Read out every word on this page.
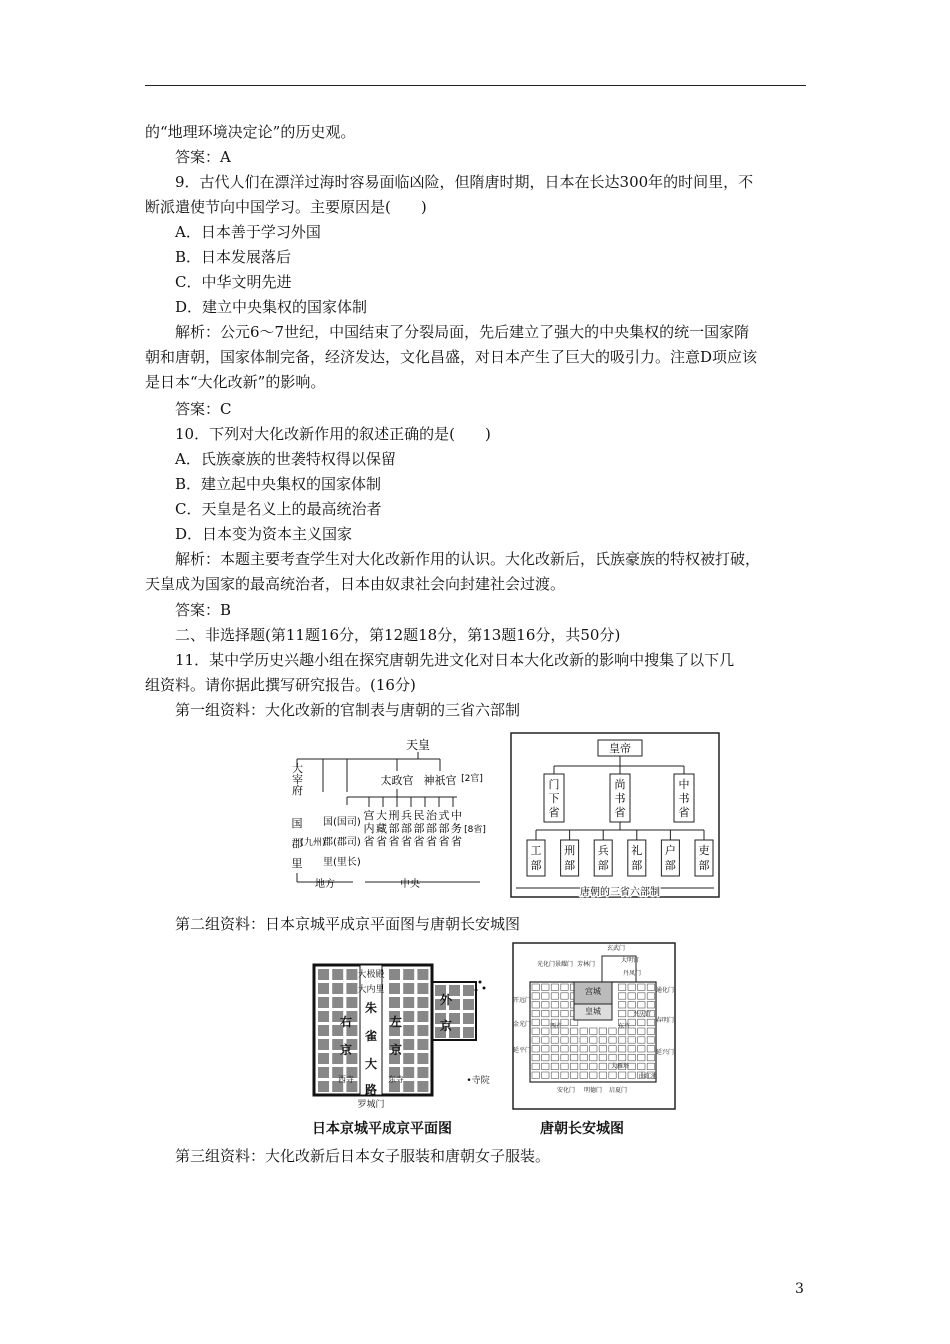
的“地理环境决定论”的历史观。
答案：A
9．古代人们在漂洋过海时容易面临凶险，但隋唐时期，日本在长达300年的时间里，不
断派遣使节向中国学习。主要原因是(　　)
A．日本善于学习外国
B．日本发展落后
C．中华文明先进
D．建立中央集权的国家体制
解析：公元6～7世纪，中国结束了分裂局面，先后建立了强大的中央集权的统一国家隋
朝和唐朝，国家体制完备，经济发达，文化昌盛，对日本产生了巨大的吸引力。注意D项应该
是日本“大化改新”的影响。
答案：C
10．下列对大化改新作用的叙述正确的是(　　)
A．氏族豪族的世袭特权得以保留
B．建立起中央集权的国家体制
C．天皇是名义上的最高统治者
D．日本变为资本主义国家
解析：本题主要考查学生对大化改新作用的认识。大化改新后，氏族豪族的特权被打破，
天皇成为国家的最高统治者，日本由奴隶社会向封建社会过渡。
答案：B
二、非选择题(第11题16分，第12题18分，第13题16分，共50分)
11．某中学历史兴趣小组在探究唐朝先进文化对日本大化改新的影响中搜集了以下几
组资料。请你据此撰写研究报告。(16分)
第一组资料：大化改新的官制表与唐朝的三省六部制
天皇
大宰府
国
郡
里
(九州)
国(国司)
郡(郡司)
里(里长)
太政官 神祇官 [2官]
宫
内
省
大
藏
省
刑
部
省
兵
部
省
民
部
省
治
部
省
式
部
省
中
务
省
[8省]
地方	中央
皇帝
门
下
省
尚
书
省
中
书
省
工
部
刑
部
兵
部
礼
部
户
部
吏
部
唐朝的三省六部制
第二组资料：日本京城平成京平面图与唐朝长安城图
大极殿
大内里
朱
雀
右	左
京	京
大
路
外
京
西寺	东寺
罗城门
•寺院
日本京城平成京平面图
玄武门
大明宫
丹凤门
光化门 景耀门 芳林门
开远门
金光门
延平门
宫城
皇城
通化门
春明门
延兴门
东市
西市
兴庆宫
安化门 明德门 启夏门
大雁塔
曲江池
唐朝长安城图
第三组资料：大化改新后日本女子服装和唐朝女子服装。
3
